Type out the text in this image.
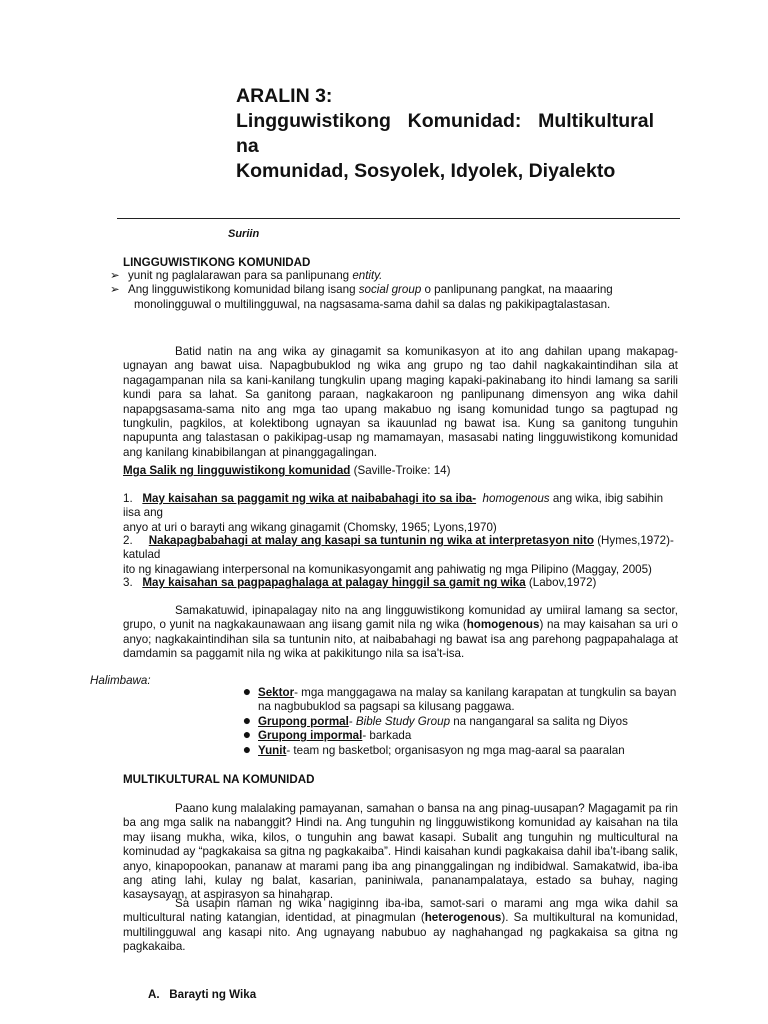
ARALIN 3:
Lingguwistikong Komunidad: Multikultural na
Komunidad, Sosyolek, Idyolek, Diyalekto
Suriin
LINGGUWISTIKONG KOMUNIDAD
➢ yunit ng paglalarawan para sa panlipunang entity.
➢ Ang lingguwistikong komunidad bilang isang social group o panlipunang pangkat, na maaaring
monolingguwal o multilingguwal, na nagsasama-sama dahil sa dalas ng pakikipagtalastasan.
Batid natin na ang wika ay ginagamit sa komunikasyon at ito ang dahilan upang makapag-ugnayan ang bawat uisa. Napagbubuklod ng wika ang grupo ng tao dahil nagkakaintindihan sila at nagagampanan nila sa kani-kanilang tungkulin upang maging kapaki-pakinabang ito hindi lamang sa sarili kundi para sa lahat. Sa ganitong paraan, nagkakaroon ng panlipunang dimensyon ang wika dahil napapgsasama-sama nito ang mga tao upang makabuo ng isang komunidad tungo sa pagtupad ng tungkulin, pagkilos, at kolektibong ugnayan sa ikauunlad ng bawat isa. Kung sa ganitong tunguhin napupunta ang talastasan o pakikipag-usap ng mamamayan, masasabi nating lingguwistikong komunidad ang kanilang kinabibilangan at pinanggagalingan.
Mga Salik ng lingguwistikong komunidad (Saville-Troike: 14)
1. May kaisahan sa paggamit ng wika at naibabahagi ito sa iba- homogenous ang wika, ibig sabihin iisa ang
anyo at uri o barayti ang wikang ginagamit (Chomsky, 1965; Lyons,1970)
2. Nakapagbabahagi at malay ang kasapi sa tuntunin ng wika at interpretasyon nito (Hymes,1972)- katulad
ito ng kinagawiang interpersonal na komunikasyongamit ang pahiwatig ng mga Pilipino (Maggay, 2005)
3. May kaisahan sa pagpapaghalaga at palagay hinggil sa gamit ng wika (Labov,1972)
Samakatuwid, ipinapalagay nito na ang lingguwistikong komunidad ay umiiral lamang sa sector, grupo, o yunit na nagkakaunawaan ang iisang gamit nila ng wika (homogenous) na may kaisahan sa uri o anyo; nagkakaintindihan sila sa tuntunin nito, at naibabahagi ng bawat isa ang parehong pagpapahalaga at damdamin sa paggamit nila ng wika at pakikitungo nila sa isa't-isa.
Halimbawa:
● Sektor- mga manggagawa na malay sa kanilang karapatan at tungkulin sa bayan
na nagbubuklod sa pagsapi sa kilusang paggawa.
● Grupong pormal- Bible Study Group na nangangaral sa salita ng Diyos
● Grupong impormal- barkada
● Yunit- team ng basketbol; organisasyon ng mga mag-aaral sa paaralan
MULTIKULTURAL NA KOMUNIDAD
Paano kung malalaking pamayanan, samahan o bansa na ang pinag-uusapan? Magagamit pa rin ba ang mga salik na nabanggit? Hindi na. Ang tunguhin ng lingguwistikong komunidad ay kaisahan na tila may iisang mukha, wika, kilos, o tunguhin ang bawat kasapi. Subalit ang tunguhin ng multicultural na kominudad ay “pagkakaisa sa gitna ng pagkakaiba”. Hindi kaisahan kundi pagkakaisa dahil iba’t-ibang salik, anyo, kinapopookan, pananaw at marami pang iba ang pinanggalingan ng indibidwal. Samakatwid, iba-iba ang ating lahi, kulay ng balat, kasarian, paniniwala, pananampalataya, estado sa buhay, naging kasaysayan, at aspirasyon sa hinaharap.
Sa usapin naman ng wika nagiginng iba-iba, samot-sari o marami ang mga wika dahil sa multicultural nating katangian, identidad, at pinagmulan (heterogenous). Sa multikultural na komunidad, multilingguwal ang kasapi nito. Ang ugnayang nabubuo ay naghahangad ng pagkakaisa sa gitna ng pagkakaiba.
A. Barayti ng Wika
